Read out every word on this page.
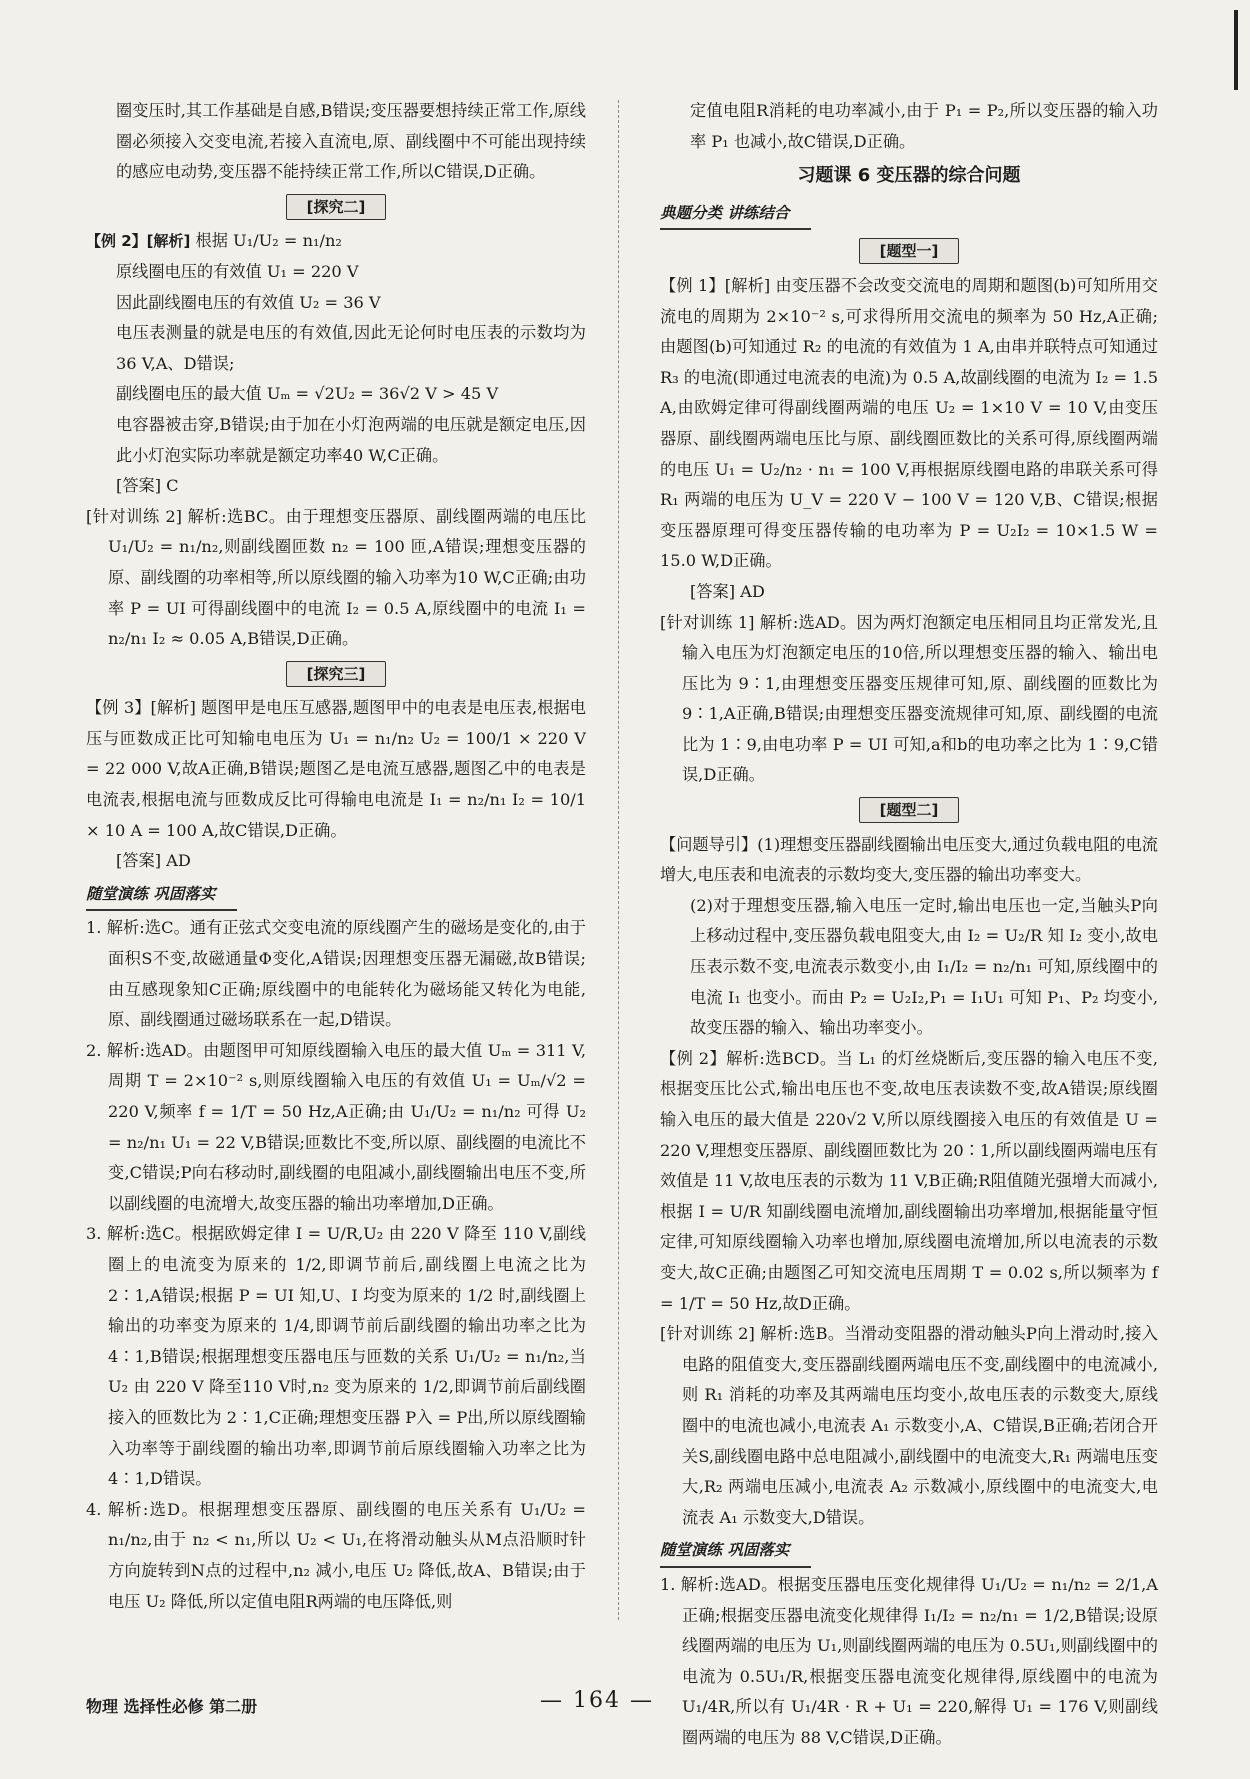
圈变压时,其工作基础是自感,B错误;变压器要想持续正常工作,原线圈必须接入交变电流,若接入直流电,原、副线圈中不可能出现持续的感应电动势,变压器不能持续正常工作,所以C错误,D正确。

[探究二]

【例 2】[解析] 根据 U₁/U₂ = n₁/n₂

原线圈电压的有效值 U₁ = 220 V

因此副线圈电压的有效值 U₂ = 36 V

电压表测量的就是电压的有效值,因此无论何时电压表的示数均为36 V,A、D错误;

副线圈电压的最大值 Uₘ = √2U₂ = 36√2 V > 45 V

电容器被击穿,B错误;由于加在小灯泡两端的电压就是额定电压,因此小灯泡实际功率就是额定功率40 W,C正确。

[答案] C

[针对训练 2] 解析:选BC。由于理想变压器原、副线圈两端的电压比 U₁/U₂ = n₁/n₂,则副线圈匝数 n₂ = 100 匝,A错误;理想变压器的原、副线圈的功率相等,所以原线圈的输入功率为10 W,C正确;由功率 P = UI 可得副线圈中的电流 I₂ = 0.5 A,原线圈中的电流 I₁ = n₂/n₁ I₂ ≈ 0.05 A,B错误,D正确。

[探究三]

【例 3】[解析] 题图甲是电压互感器,题图甲中的电表是电压表,根据电压与匝数成正比可知输电电压为 U₁ = n₁/n₂ U₂ = 100/1 × 220 V = 22 000 V,故A正确,B错误;题图乙是电流互感器,题图乙中的电表是电流表,根据电流与匝数成反比可得输电电流是 I₁ = n₂/n₁ I₂ = 10/1 × 10 A = 100 A,故C错误,D正确。

[答案] AD

随堂演练 巩固落实

1. 解析:选C。通有正弦式交变电流的原线圈产生的磁场是变化的,由于面积S不变,故磁通量Φ变化,A错误;因理想变压器无漏磁,故B错误;由互感现象知C正确;原线圈中的电能转化为磁场能又转化为电能,原、副线圈通过磁场联系在一起,D错误。

2. 解析:选AD。由题图甲可知原线圈输入电压的最大值 Uₘ = 311 V,周期 T = 2×10⁻² s,则原线圈输入电压的有效值 U₁ = Uₘ/√2 = 220 V,频率 f = 1/T = 50 Hz,A正确;由 U₁/U₂ = n₁/n₂ 可得 U₂ = n₂/n₁ U₁ = 22 V,B错误;匝数比不变,所以原、副线圈的电流比不变,C错误;P向右移动时,副线圈的电阻减小,副线圈输出电压不变,所以副线圈的电流增大,故变压器的输出功率增加,D正确。

3. 解析:选C。根据欧姆定律 I = U/R,U₂ 由 220 V 降至 110 V,副线圈上的电流变为原来的 1/2,即调节前后,副线圈上电流之比为 2∶1,A错误;根据 P = UI 知,U、I 均变为原来的 1/2 时,副线圈上输出的功率变为原来的 1/4,即调节前后副线圈的输出功率之比为 4∶1,B错误;根据理想变压器电压与匝数的关系 U₁/U₂ = n₁/n₂,当 U₂ 由 220 V 降至110 V时,n₂ 变为原来的 1/2,即调节前后副线圈接入的匝数比为 2∶1,C正确;理想变压器 P入 = P出,所以原线圈输入功率等于副线圈的输出功率,即调节前后原线圈输入功率之比为 4∶1,D错误。

4. 解析:选D。根据理想变压器原、副线圈的电压关系有 U₁/U₂ = n₁/n₂,由于 n₂ < n₁,所以 U₂ < U₁,在将滑动触头从M点沿顺时针方向旋转到N点的过程中,n₂ 减小,电压 U₂ 降低,故A、B错误;由于电压 U₂ 降低,所以定值电阻R两端的电压降低,则

定值电阻R消耗的电功率减小,由于 P₁ = P₂,所以变压器的输入功率 P₁ 也减小,故C错误,D正确。

习题课 6 变压器的综合问题
典题分类 讲练结合
[题型一]

【例 1】[解析] 由变压器不会改变交流电的周期和题图(b)可知所用交流电的周期为 2×10⁻² s,可求得所用交流电的频率为 50 Hz,A正确;由题图(b)可知通过 R₂ 的电流的有效值为 1 A,由串并联特点可知通过 R₃ 的电流(即通过电流表的电流)为 0.5 A,故副线圈的电流为 I₂ = 1.5 A,由欧姆定律可得副线圈两端的电压 U₂ = 1×10 V = 10 V,由变压器原、副线圈两端电压比与原、副线圈匝数比的关系可得,原线圈两端的电压 U₁ = U₂/n₂ · n₁ = 100 V,再根据原线圈电路的串联关系可得 R₁ 两端的电压为 U_V = 220 V − 100 V = 120 V,B、C错误;根据变压器原理可得变压器传输的电功率为 P = U₂I₂ = 10×1.5 W = 15.0 W,D正确。

[答案] AD

[针对训练 1] 解析:选AD。因为两灯泡额定电压相同且均正常发光,且输入电压为灯泡额定电压的10倍,所以理想变压器的输入、输出电压比为 9∶1,由理想变压器变压规律可知,原、副线圈的匝数比为 9∶1,A正确,B错误;由理想变压器变流规律可知,原、副线圈的电流比为 1∶9,由电功率 P = UI 可知,a和b的电功率之比为 1∶9,C错误,D正确。

[题型二]

【问题导引】(1)理想变压器副线圈输出电压变大,通过负载电阻的电流增大,电压表和电流表的示数均变大,变压器的输出功率变大。

(2)对于理想变压器,输入电压一定时,输出电压也一定,当触头P向上移动过程中,变压器负载电阻变大,由 I₂ = U₂/R 知 I₂ 变小,故电压表示数不变,电流表示数变小,由 I₁/I₂ = n₂/n₁ 可知,原线圈中的电流 I₁ 也变小。而由 P₂ = U₂I₂,P₁ = I₁U₁ 可知 P₁、P₂ 均变小,故变压器的输入、输出功率变小。

【例 2】解析:选BCD。当 L₁ 的灯丝烧断后,变压器的输入电压不变,根据变压比公式,输出电压也不变,故电压表读数不变,故A错误;原线圈输入电压的最大值是 220√2 V,所以原线圈接入电压的有效值是 U = 220 V,理想变压器原、副线圈匝数比为 20∶1,所以副线圈两端电压有效值是 11 V,故电压表的示数为 11 V,B正确;R阻值随光强增大而减小,根据 I = U/R 知副线圈电流增加,副线圈输出功率增加,根据能量守恒定律,可知原线圈输入功率也增加,原线圈电流增加,所以电流表的示数变大,故C正确;由题图乙可知交流电压周期 T = 0.02 s,所以频率为 f = 1/T = 50 Hz,故D正确。

[针对训练 2] 解析:选B。当滑动变阻器的滑动触头P向上滑动时,接入电路的阻值变大,变压器副线圈两端电压不变,副线圈中的电流减小,则 R₁ 消耗的功率及其两端电压均变小,故电压表的示数变大,原线圈中的电流也减小,电流表 A₁ 示数变小,A、C错误,B正确;若闭合开关S,副线圈电路中总电阻减小,副线圈中的电流变大,R₁ 两端电压变大,R₂ 两端电压减小,电流表 A₂ 示数减小,原线圈中的电流变大,电流表 A₁ 示数变大,D错误。

随堂演练 巩固落实

1. 解析:选AD。根据变压器电压变化规律得 U₁/U₂ = n₁/n₂ = 2/1,A正确;根据变压器电流变化规律得 I₁/I₂ = n₂/n₁ = 1/2,B错误;设原线圈两端的电压为 U₁,则副线圈两端的电压为 0.5U₁,则副线圈中的电流为 0.5U₁/R,根据变压器电流变化规律得,原线圈中的电流为 U₁/4R,所以有 U₁/4R · R + U₁ = 220,解得 U₁ = 176 V,则副线圈两端的电压为 88 V,C错误,D正确。

物理 选择性必修 第二册	— 164 —
